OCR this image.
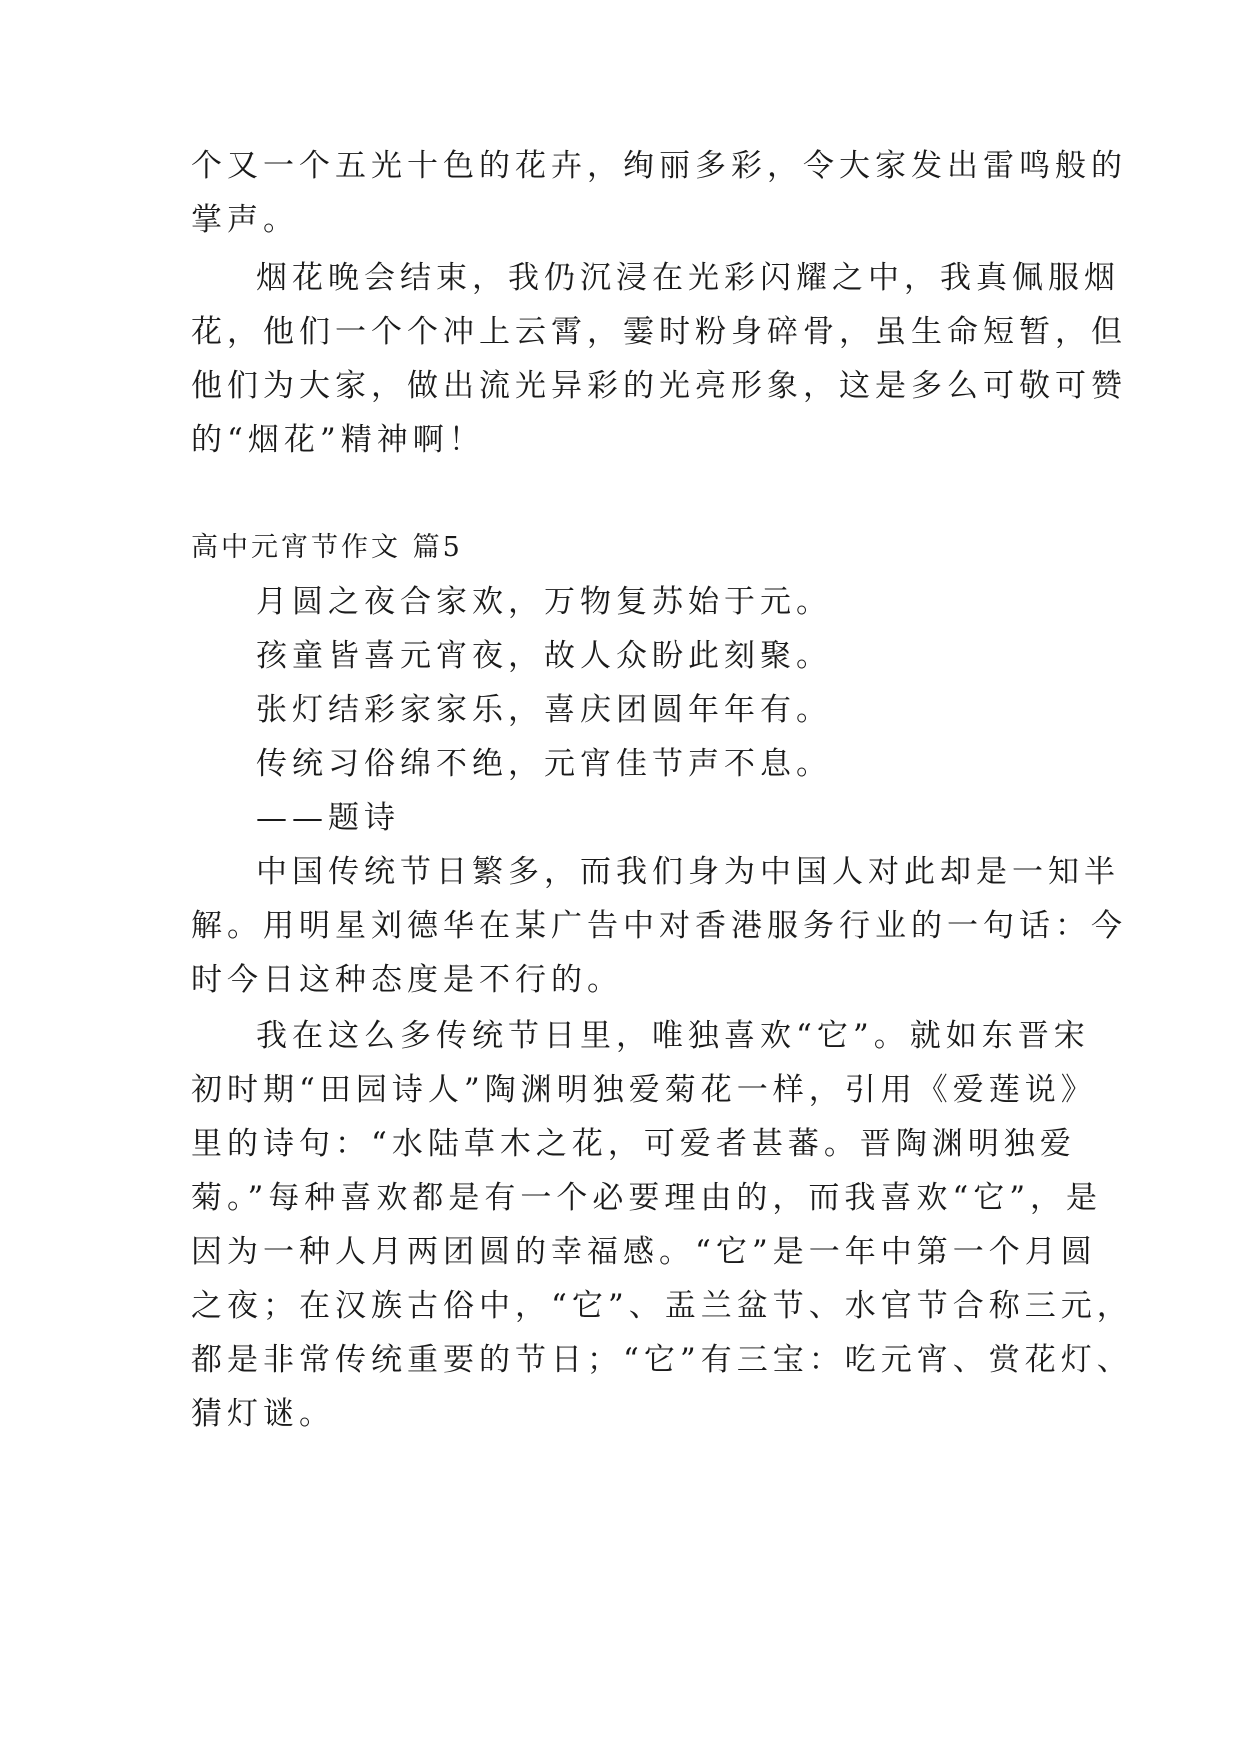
个又一个五光十色的花卉，绚丽多彩，令大家发出雷鸣般的
掌声。
烟花晚会结束，我仍沉浸在光彩闪耀之中，我真佩服烟
花，他们一个个冲上云霄，霎时粉身碎骨，虽生命短暂，但
他们为大家，做出流光异彩的光亮形象，这是多么可敬可赞
的“烟花”精神啊！
高中元宵节作文 篇5
月圆之夜合家欢，万物复苏始于元。
孩童皆喜元宵夜，故人众盼此刻聚。
张灯结彩家家乐，喜庆团圆年年有。
传统习俗绵不绝，元宵佳节声不息。
——题诗
中国传统节日繁多，而我们身为中国人对此却是一知半
解。用明星刘德华在某广告中对香港服务行业的一句话：今
时今日这种态度是不行的。
我在这么多传统节日里，唯独喜欢“它”。就如东晋宋
初时期“田园诗人”陶渊明独爱菊花一样，引用《爱莲说》
里的诗句：“水陆草木之花，可爱者甚蕃。晋陶渊明独爱
菊。”每种喜欢都是有一个必要理由的，而我喜欢“它”，是
因为一种人月两团圆的幸福感。“它”是一年中第一个月圆
之夜；在汉族古俗中，“它”、盂兰盆节、水官节合称三元，
都是非常传统重要的节日；“它”有三宝：吃元宵、赏花灯、
猜灯谜。
